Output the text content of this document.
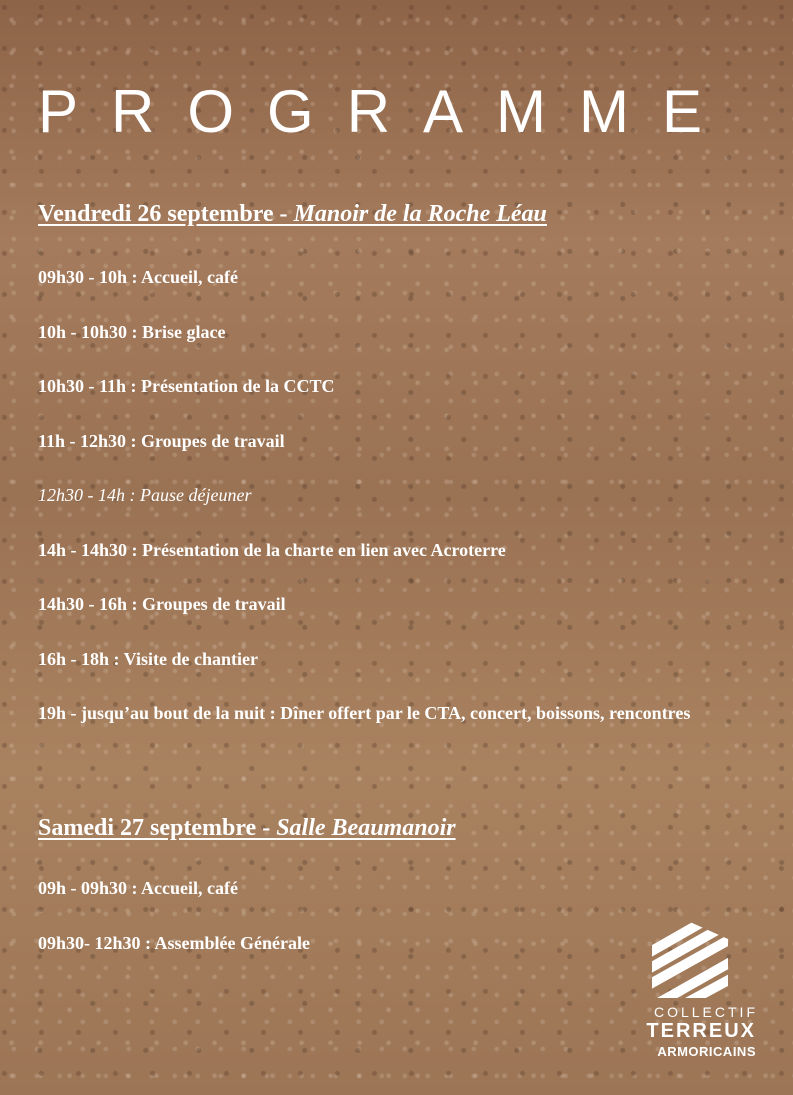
PROGRAMME
Vendredi 26 septembre - Manoir de la Roche Léau
09h30 - 10h : Accueil, café
10h - 10h30 : Brise glace
10h30 - 11h : Présentation de la CCTC
11h - 12h30 : Groupes de travail
12h30 - 14h : Pause déjeuner
14h - 14h30 : Présentation de la charte en lien avec Acroterre
14h30 - 16h : Groupes de travail
16h - 18h : Visite de chantier
19h - jusqu’au bout de la nuit : Dîner offert par le CTA, concert, boissons, rencontres
Samedi 27 septembre - Salle Beaumanoir
09h - 09h30 : Accueil, café
09h30- 12h30 : Assemblée Générale
COLLECTIF
TERREUX
ARMORICAINS
